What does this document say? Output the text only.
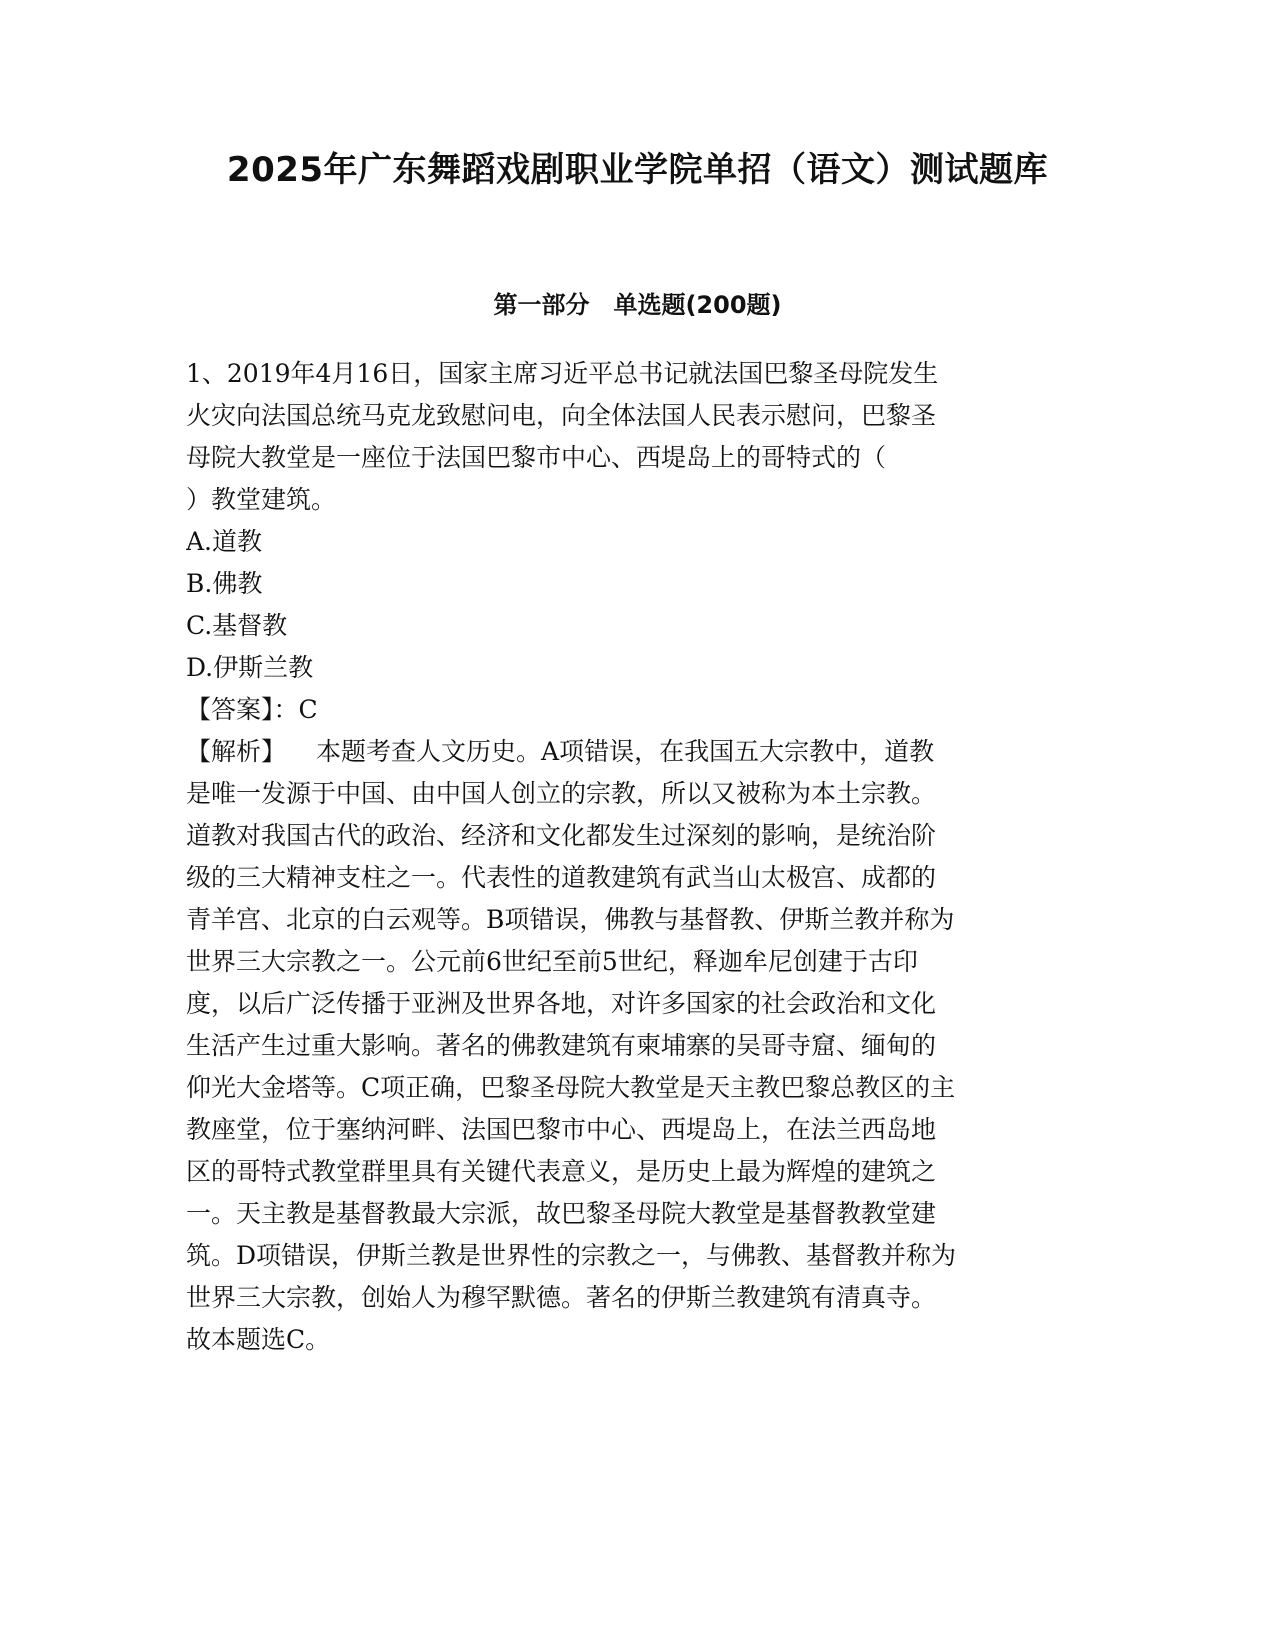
2025年广东舞蹈戏剧职业学院单招（语文）测试题库
第一部分　单选题(200题)
1、2019年4月16日，国家主席习近平总书记就法国巴黎圣母院发生
火灾向法国总统马克龙致慰问电，向全体法国人民表示慰问，巴黎圣
母院大教堂是一座位于法国巴黎市中心、西堤岛上的哥特式的（
）教堂建筑。
A.道教
B.佛教
C.基督教
D.伊斯兰教
【答案】：C
【解析】 本题考查人文历史。A项错误，在我国五大宗教中，道教
是唯一发源于中国、由中国人创立的宗教，所以又被称为本土宗教。
道教对我国古代的政治、经济和文化都发生过深刻的影响，是统治阶
级的三大精神支柱之一。代表性的道教建筑有武当山太极宫、成都的
青羊宫、北京的白云观等。B项错误，佛教与基督教、伊斯兰教并称为
世界三大宗教之一。公元前6世纪至前5世纪，释迦牟尼创建于古印
度，以后广泛传播于亚洲及世界各地，对许多国家的社会政治和文化
生活产生过重大影响。著名的佛教建筑有柬埔寨的吴哥寺窟、缅甸的
仰光大金塔等。C项正确，巴黎圣母院大教堂是天主教巴黎总教区的主
教座堂，位于塞纳河畔、法国巴黎市中心、西堤岛上，在法兰西岛地
区的哥特式教堂群里具有关键代表意义，是历史上最为辉煌的建筑之
一。天主教是基督教最大宗派，故巴黎圣母院大教堂是基督教教堂建
筑。D项错误，伊斯兰教是世界性的宗教之一，与佛教、基督教并称为
世界三大宗教，创始人为穆罕默德。著名的伊斯兰教建筑有清真寺。
故本题选C。
